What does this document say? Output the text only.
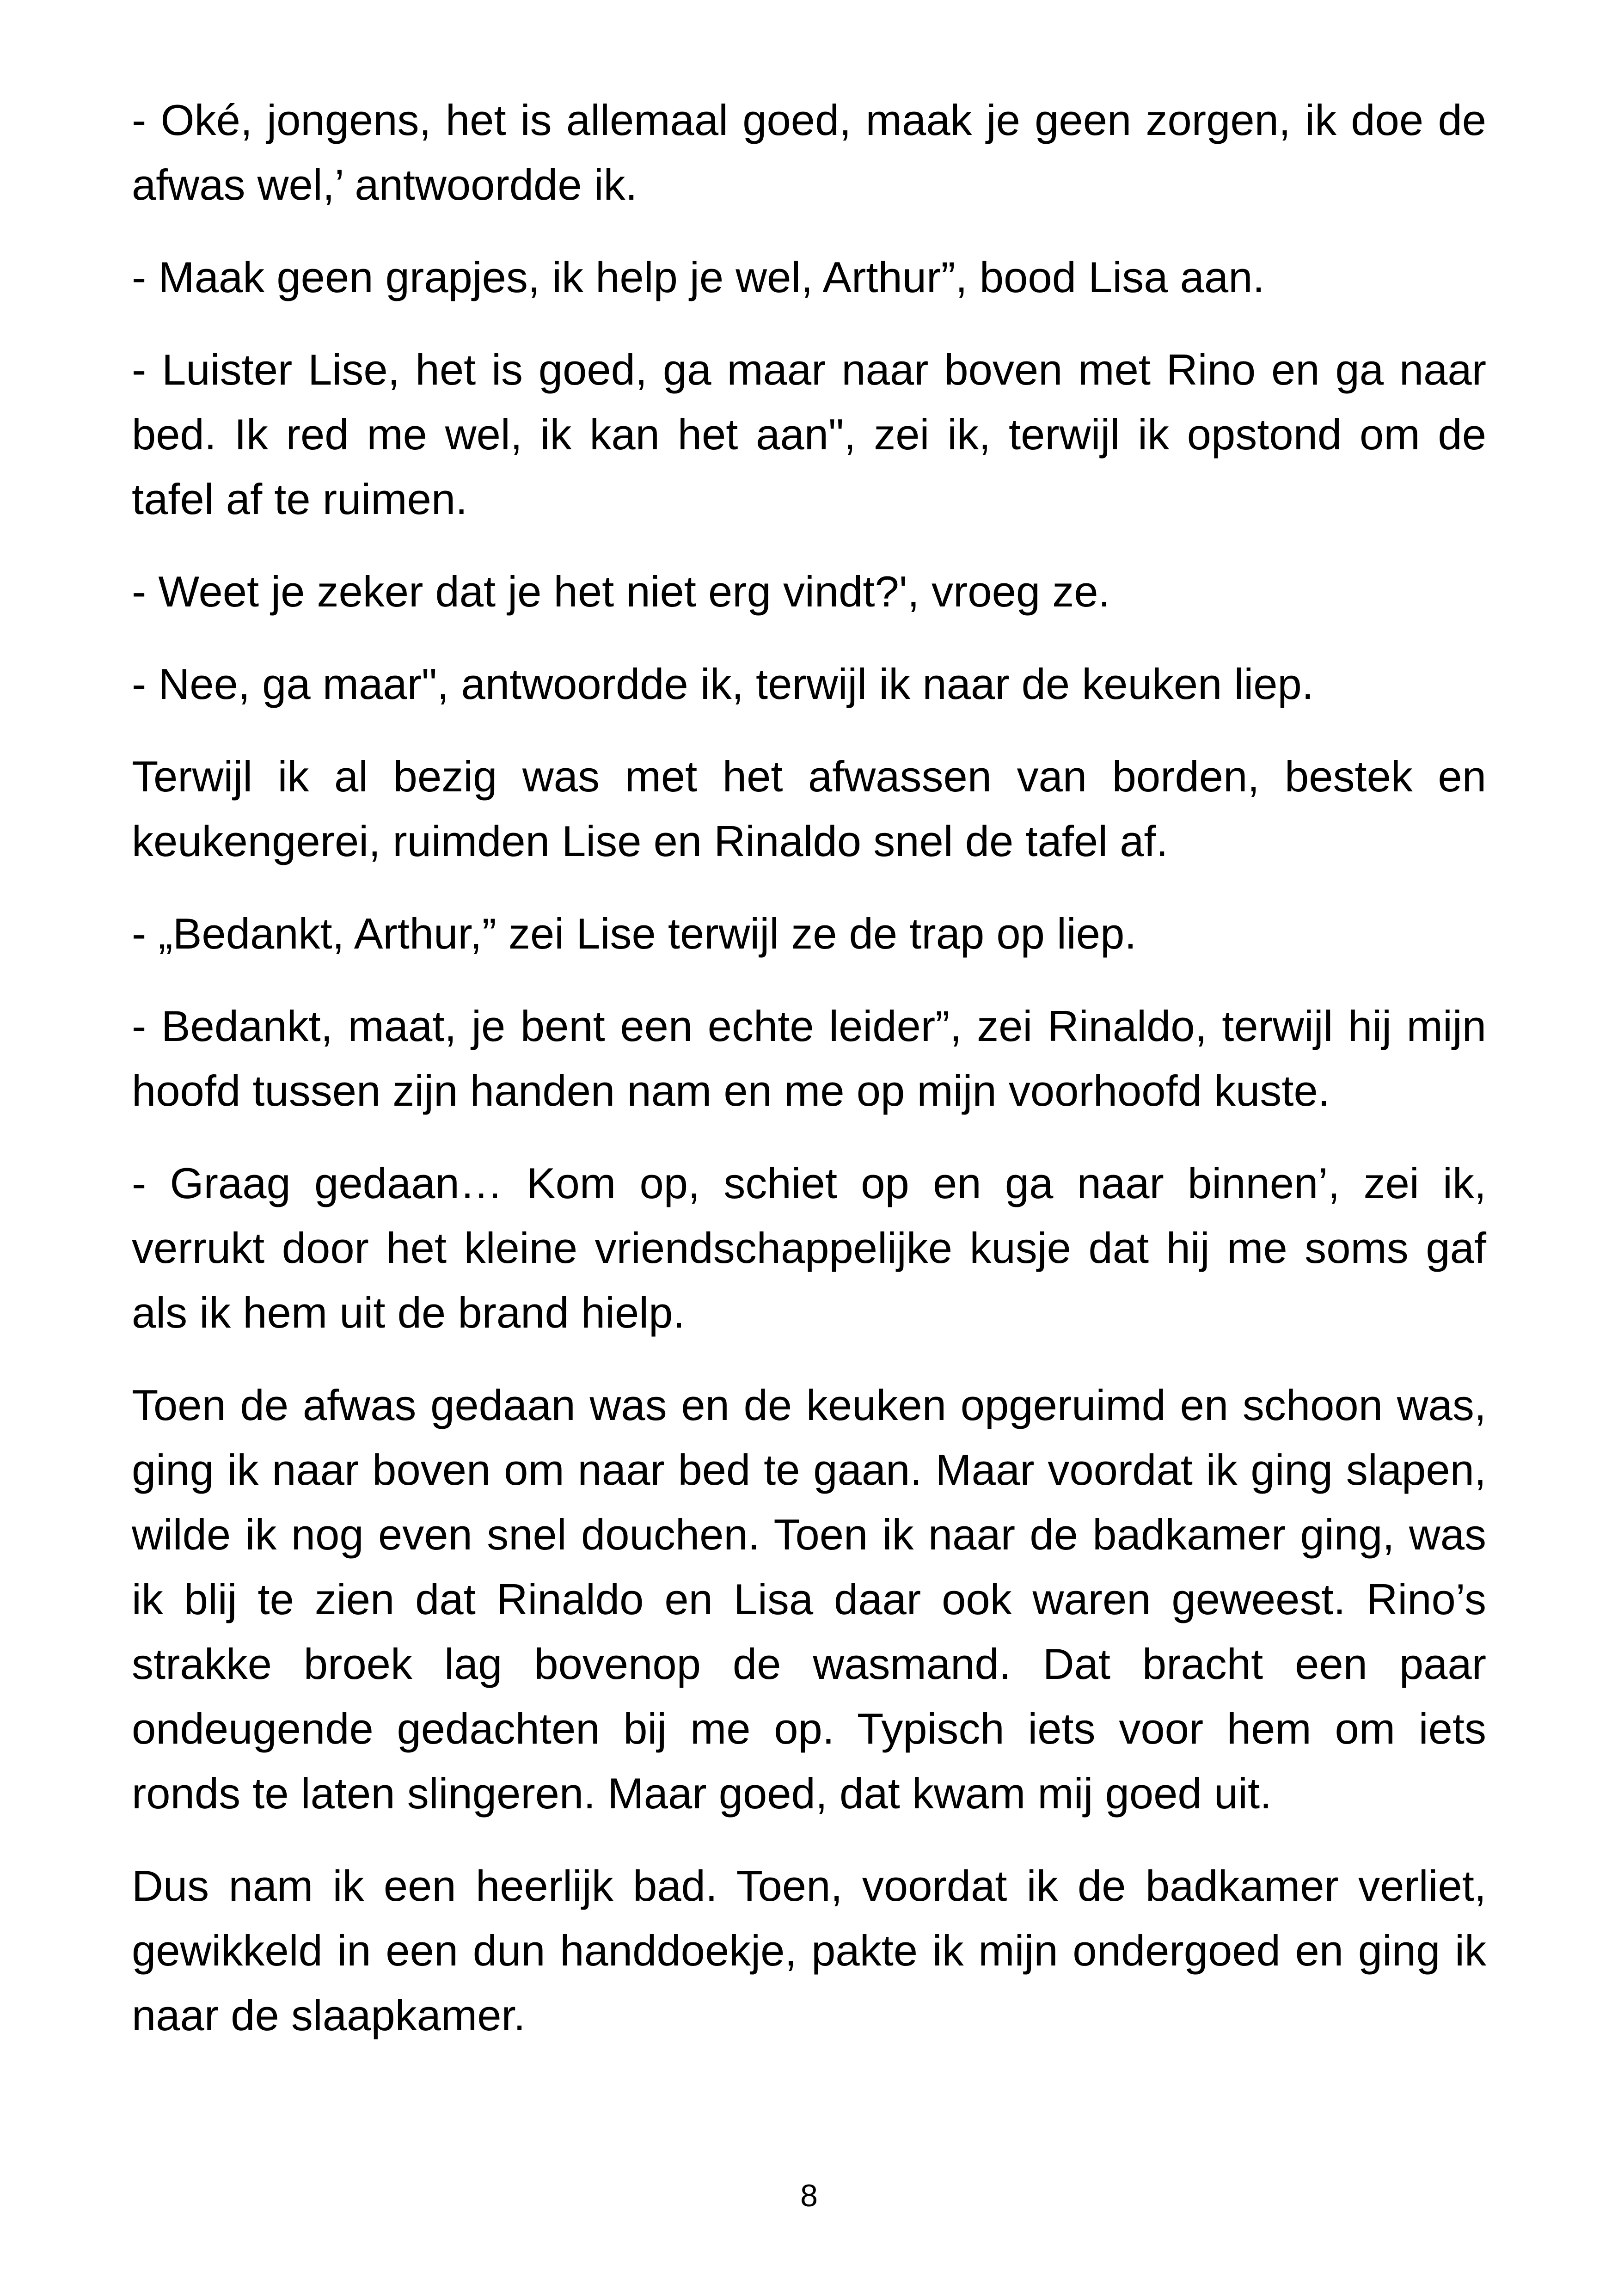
- Oké, jongens, het is allemaal goed, maak je geen zorgen, ik doe de afwas wel,’ antwoordde ik.

- Maak geen grapjes, ik help je wel, Arthur”, bood Lisa aan.

- Luister Lise, het is goed, ga maar naar boven met Rino en ga naar bed. Ik red me wel, ik kan het aan", zei ik, terwijl ik opstond om de tafel af te ruimen.

- Weet je zeker dat je het niet erg vindt?', vroeg ze.

- Nee, ga maar", antwoordde ik, terwijl ik naar de keuken liep.

Terwijl ik al bezig was met het afwassen van borden, bestek en keukengerei, ruimden Lise en Rinaldo snel de tafel af.

- „Bedankt, Arthur,” zei Lise terwijl ze de trap op liep.

- Bedankt, maat, je bent een echte leider”, zei Rinaldo, terwijl hij mijn hoofd tussen zijn handen nam en me op mijn voorhoofd kuste.

- Graag gedaan… Kom op, schiet op en ga naar binnen’, zei ik, verrukt door het kleine vriendschappelijke kusje dat hij me soms gaf als ik hem uit de brand hielp.

Toen de afwas gedaan was en de keuken opgeruimd en schoon was, ging ik naar boven om naar bed te gaan. Maar voordat ik ging slapen, wilde ik nog even snel douchen. Toen ik naar de badkamer ging, was ik blij te zien dat Rinaldo en Lisa daar ook waren geweest. Rino’s strakke broek lag bovenop de wasmand. Dat bracht een paar ondeugende gedachten bij me op. Typisch iets voor hem om iets ronds te laten slingeren. Maar goed, dat kwam mij goed uit.

Dus nam ik een heerlijk bad. Toen, voordat ik de badkamer verliet, gewikkeld in een dun handdoekje, pakte ik mijn ondergoed en ging ik naar de slaapkamer.

8
